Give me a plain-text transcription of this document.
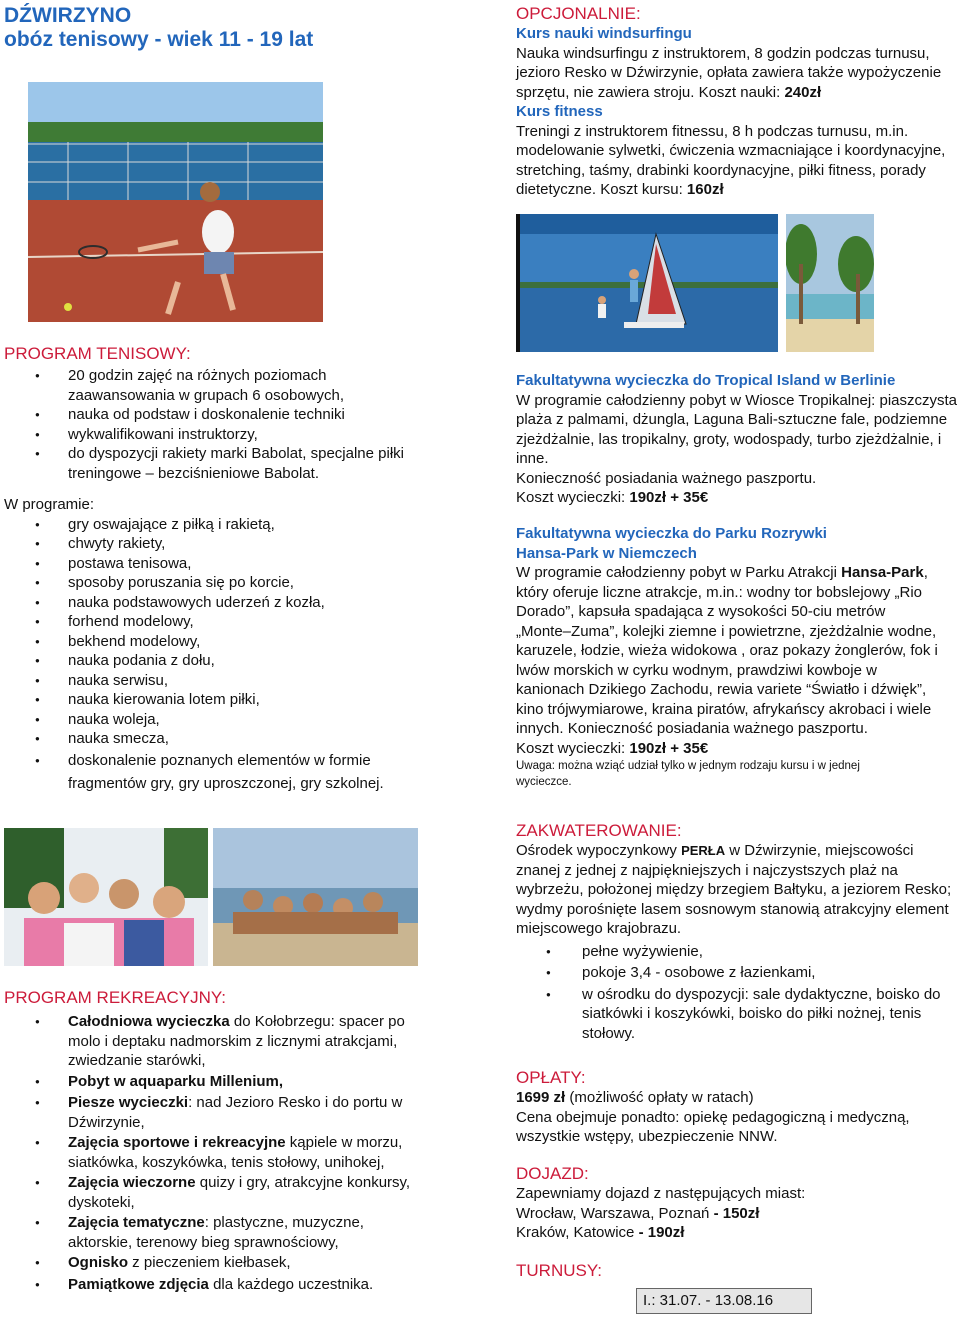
DŹWIRZYNO
obóz tenisowy - wiek 11 - 19 lat
PROGRAM TENISOWY:
● 20 godzin zajęć na różnych poziomach zaawansowania w grupach 6 osobowych,
● nauka od podstaw i doskonalenie techniki
● wykwalifikowani instruktorzy,
● do dyspozycji rakiety marki Babolat, specjalne piłki treningowe – bezciśnieniowe Babolat.
W programie:
● gry oswajające z piłką i rakietą,
● chwyty rakiety,
● postawa tenisowa,
● sposoby poruszania się po korcie,
● nauka podstawowych uderzeń z kozła,
● forhend modelowy,
● bekhend modelowy,
● nauka podania z dołu,
● nauka serwisu,
● nauka kierowania lotem piłki,
● nauka woleja,
● nauka smecza,
● doskonalenie poznanych elementów w formie fragmentów gry, gry uproszczonej, gry szkolnej.
PROGRAM REKREACYJNY:
● Całodniowa wycieczka do Kołobrzegu: spacer po molo i deptaku nadmorskim z licznymi atrakcjami, zwiedzanie starówki,
● Pobyt w aquaparku Millenium,
● Piesze wycieczki: nad Jezioro Resko i do portu w Dźwirzynie,
● Zajęcia sportowe i rekreacyjne kąpiele w morzu, siatkówka, koszykówka, tenis stołowy, unihokej,
● Zajęcia wieczorne quizy i gry, atrakcyjne konkursy, dyskoteki,
● Zajęcia tematyczne: plastyczne, muzyczne, aktorskie, terenowy bieg sprawnościowy,
● Ognisko z pieczeniem kiełbasek,
● Pamiątkowe zdjęcia dla każdego uczestnika.
OPCJONALNIE:
Kurs nauki windsurfingu

Nauka windsurfingu z instruktorem, 8 godzin podczas turnusu, jezioro Resko w Dźwirzynie, opłata zawiera także wypożyczenie sprzętu, nie zawiera stroju. Koszt nauki: 240zł

Kurs fitness

Treningi z instruktorem fitnessu, 8 h podczas turnusu, m.in. modelowanie sylwetki, ćwiczenia wzmacniające i koordynacyjne, stretching, taśmy, drabinki koordynacyjne, piłki fitness, porady dietetyczne. Koszt kursu: 160zł

Fakultatywna wycieczka do Tropical Island w Berlinie

W programie całodzienny pobyt w Wiosce Tropikalnej: piaszczysta plaża z palmami, dżungla, Laguna Bali-sztuczne fale, podziemne zjeżdżalnie, las tropikalny, groty, wodospady, turbo zjeżdżalnie, i inne.

Konieczność posiadania ważnego paszportu.

Koszt wycieczki: 190zł + 35€

Fakultatywna wycieczka do Parku Rozrywki
Hansa-Park w Niemczech

W programie całodzienny pobyt w Parku Atrakcji Hansa-Park, który oferuje liczne atrakcje, m.in.: wodny tor bobslejowy „Rio Dorado”, kapsuła spadająca z wysokości 50-ciu metrów „Monte–Zuma”, kolejki ziemne i powietrzne, zjeżdżalnie wodne, karuzele, łodzie, wieża widokowa , oraz pokazy żonglerów, fok i lwów morskich w cyrku wodnym, prawdziwi kowboje w kanionach Dzikiego Zachodu, rewia variete “Światło i dźwięk”, kino trójwymiarowe, kraina piratów, afrykańscy akrobaci i wiele innych. Konieczność posiadania ważnego paszportu.

Koszt wycieczki: 190zł + 35€

Uwaga: można wziąć udział tylko w jednym rodzaju kursu i w jednej wycieczce.

ZAKWATEROWANIE:

Ośrodek wypoczynkowy PERŁA w Dźwirzynie, miejscowości znanej z jednej z najpiękniejszych i najczystszych plaż na wybrzeżu, położonej między brzegiem Bałtyku, a jeziorem Resko; wydmy porośnięte lasem sosnowym stanowią atrakcyjny element miejscowego krajobrazu.

● pełne wyżywienie,
● pokoje 3,4 - osobowe z łazienkami,
● w ośrodku do dyspozycji: sale dydaktyczne, boisko do siatkówki i koszykówki, boisko do piłki nożnej, tenis stołowy.
OPŁATY:

1699 zł (możliwość opłaty w ratach)

Cena obejmuje ponadto: opiekę pedagogiczną i medyczną, wszystkie wstępy, ubezpieczenie NNW.

DOJAZD:

Zapewniamy dojazd z następujących miast:

Wrocław, Warszawa, Poznań - 150zł

Kraków, Katowice - 190zł

TURNUSY:
I.: 31.07. - 13.08.16
